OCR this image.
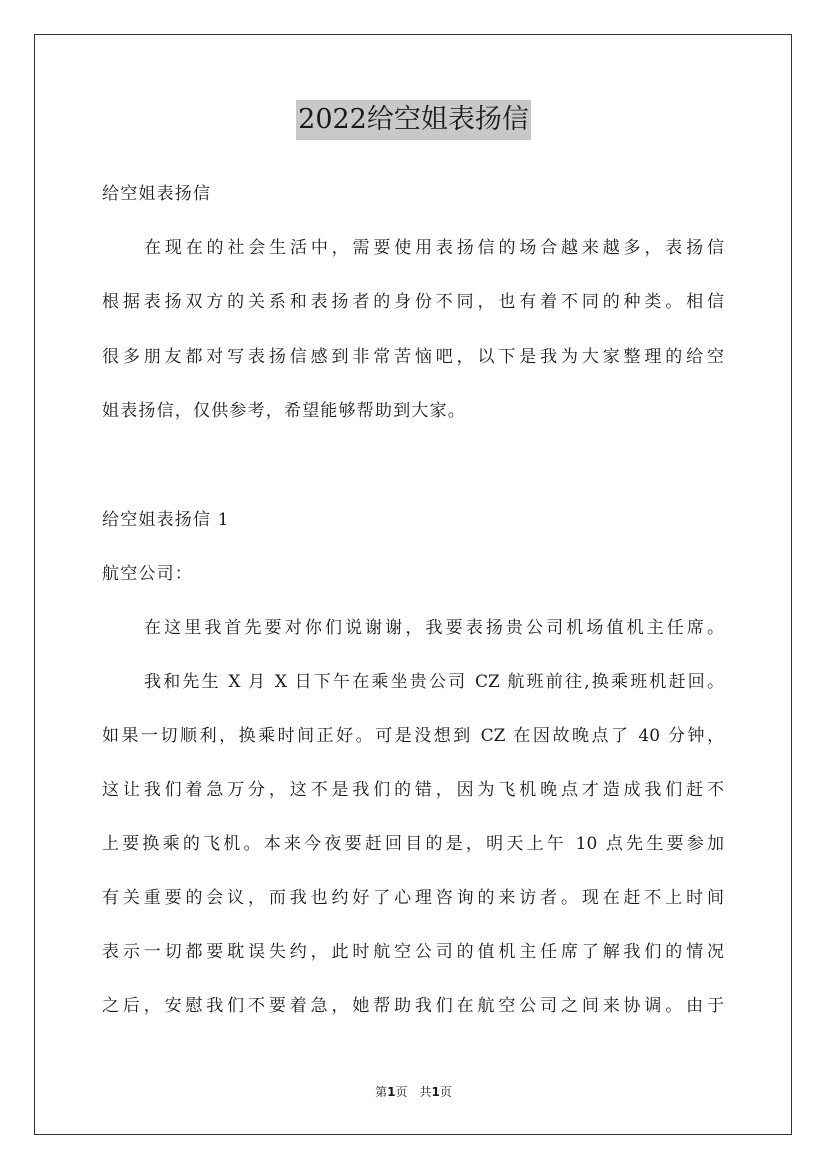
2022给空姐表扬信
给空姐表扬信
在现在的社会生活中，需要使用表扬信的场合越来越多，表扬信
根据表扬双方的关系和表扬者的身份不同，也有着不同的种类。相信
很多朋友都对写表扬信感到非常苦恼吧，以下是我为大家整理的给空
姐表扬信，仅供参考，希望能够帮助到大家。
给空姐表扬信 1
航空公司：
在这里我首先要对你们说谢谢，我要表扬贵公司机场值机主任席。
我和先生 X 月 X 日下午在乘坐贵公司 CZ 航班前往,换乘班机赶回。
如果一切顺利，换乘时间正好。可是没想到 CZ 在因故晚点了 40 分钟，
这让我们着急万分，这不是我们的错，因为飞机晚点才造成我们赶不
上要换乘的飞机。本来今夜要赶回目的是，明天上午 10 点先生要参加
有关重要的会议，而我也约好了心理咨询的来访者。现在赶不上时间
表示一切都要耽误失约，此时航空公司的值机主任席了解我们的情况
之后，安慰我们不要着急，她帮助我们在航空公司之间来协调。由于
第1页　共1页
